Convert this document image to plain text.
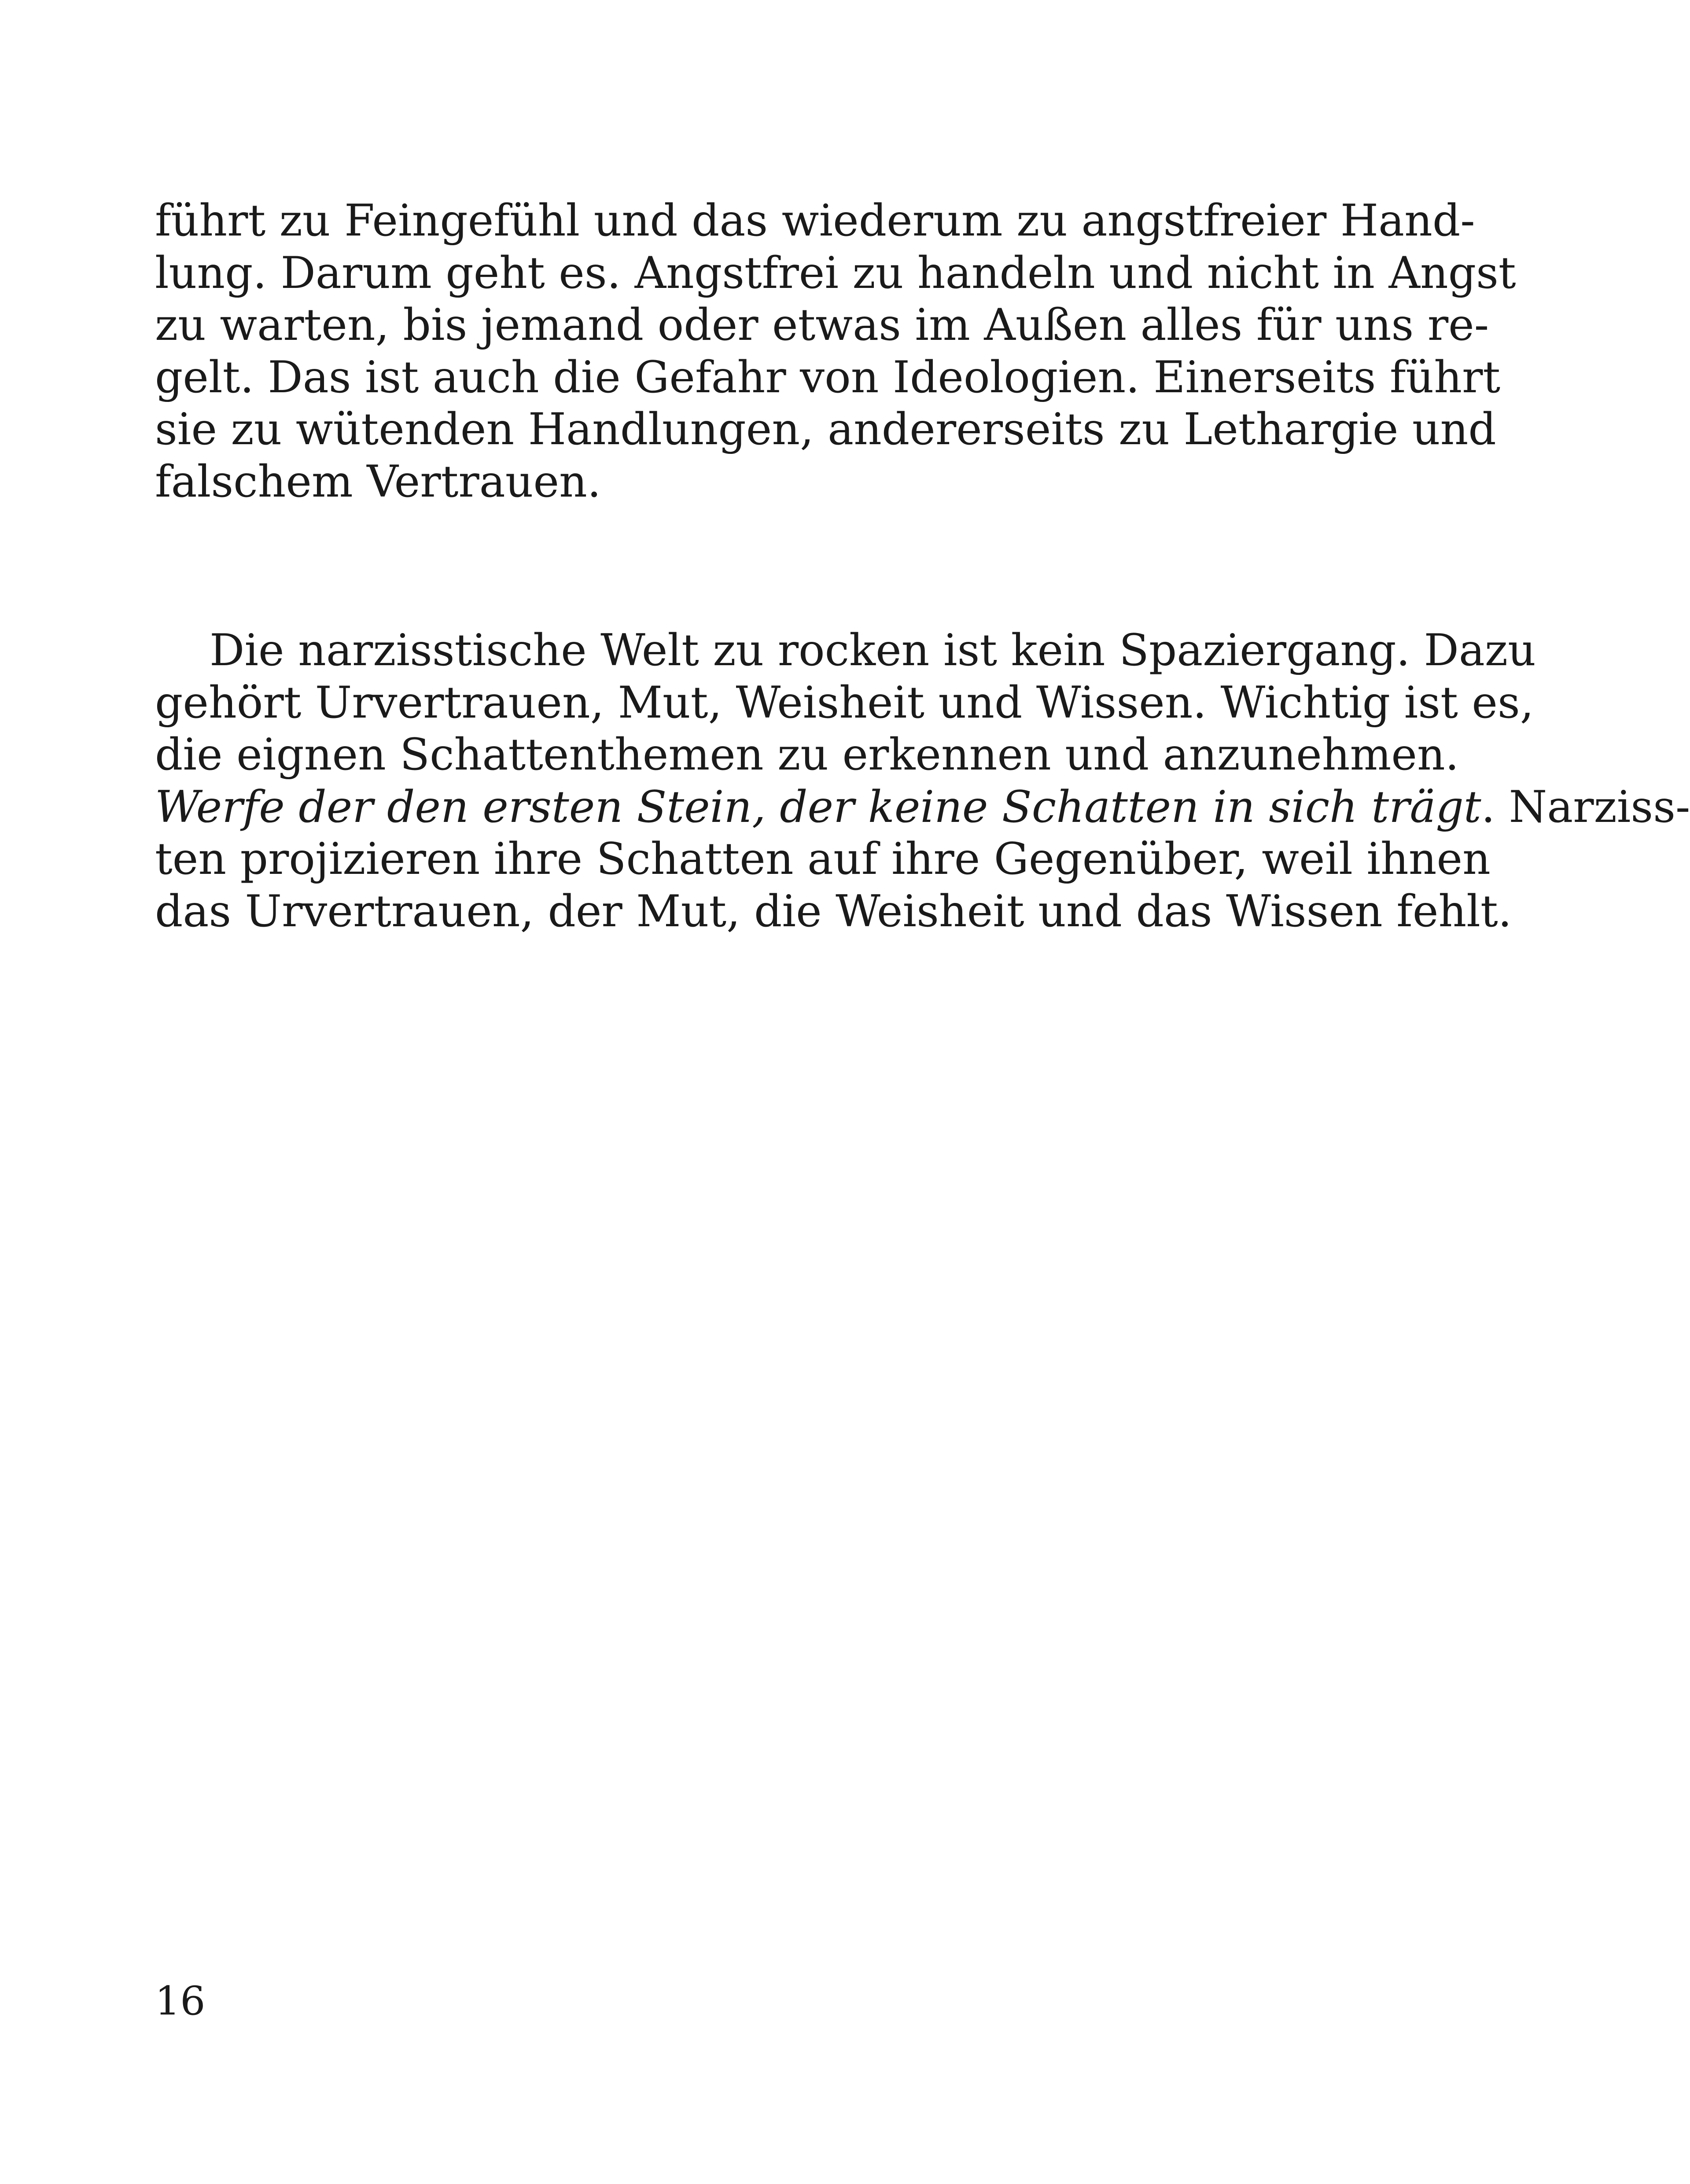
führt zu Feingefühl und das wiederum zu angstfreier Hand-
lung. Darum geht es. Angstfrei zu handeln und nicht in Angst
zu warten, bis jemand oder etwas im Außen alles für uns re-
gelt. Das ist auch die Gefahr von Ideologien. Einerseits führt
sie zu wütenden Handlungen, andererseits zu Lethargie und
falschem Vertrauen.
Die narzisstische Welt zu rocken ist kein Spaziergang. Dazu
gehört Urvertrauen, Mut, Weisheit und Wissen. Wichtig ist es,
die eignen Schattenthemen zu erkennen und anzunehmen.
Werfe der den ersten Stein, der keine Schatten in sich trägt. Narziss-
ten projizieren ihre Schatten auf ihre Gegenüber, weil ihnen
das Urvertrauen, der Mut, die Weisheit und das Wissen fehlt.
16
